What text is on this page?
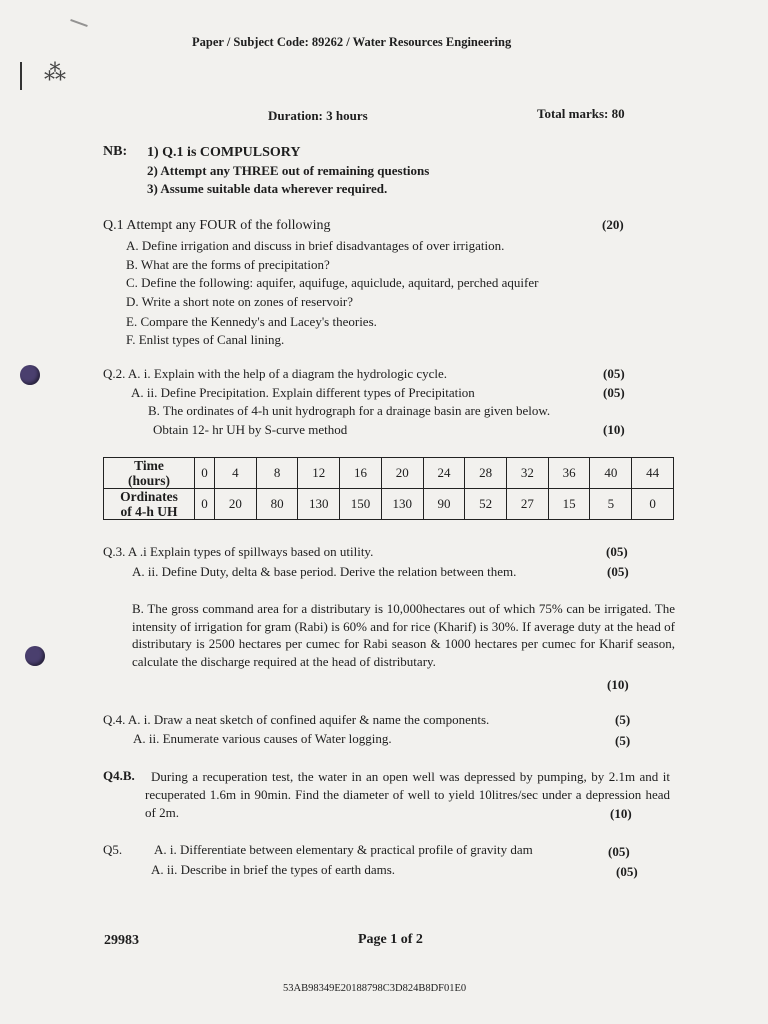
⁂
Paper / Subject Code: 89262 / Water Resources Engineering
Duration: 3 hours	Total marks: 80
NB: 1) Q.1 is COMPULSORY
2) Attempt any THREE out of remaining questions
3) Assume suitable data wherever required.
Q.1 Attempt any FOUR of the following	(20)
A. Define irrigation and discuss in brief disadvantages of over irrigation.
B. What are the forms of precipitation?
C. Define the following: aquifer, aquifuge, aquiclude, aquitard, perched aquifer
D. Write a short note on zones of reservoir?
E. Compare the Kennedy's and Lacey's theories.
F. Enlist types of Canal lining.
Q.2. A. i. Explain with the help of a diagram the hydrologic cycle.	(05)
A. ii. Define Precipitation. Explain different types of Precipitation	(05)
B. The ordinates of 4-h unit hydrograph for a drainage basin are given below.
Obtain 12- hr UH by S-curve method	(10)
Time
(hours)	0	4	8	12	16	20	24	28	32	36	40	44
Ordinates
of 4-h UH	0	20	80	130	150	130	90	52	27	15	5	0
Q.3. A .i Explain types of spillways based on utility.	(05)
A. ii. Define Duty, delta & base period. Derive the relation between them.	(05)
B. The gross command area for a distributary is 10,000hectares out of which 75% can be irrigated. The intensity of irrigation for gram (Rabi) is 60% and for rice (Kharif) is 30%. If average duty at the head of distributary is 2500 hectares per cumec for Rabi season & 1000 hectares per cumec for Kharif season, calculate the discharge required at the head of distributary.
(10)
Q.4. A. i. Draw a neat sketch of confined aquifer & name the components.	(5)
A. ii. Enumerate various causes of Water logging.	(5)
Q4.B.	During a recuperation test, the water in an open well was depressed by pumping, by 2.1m and it recuperated 1.6m in 90min. Find the diameter of well to yield 10litres/sec under a depression head of 2m.	(10)
Q5. A. i. Differentiate between elementary & practical profile of gravity dam	(05)
A. ii. Describe in brief the types of earth dams.	(05)
29983	Page 1 of 2
53AB98349E20188798C3D824B8DF01E0
